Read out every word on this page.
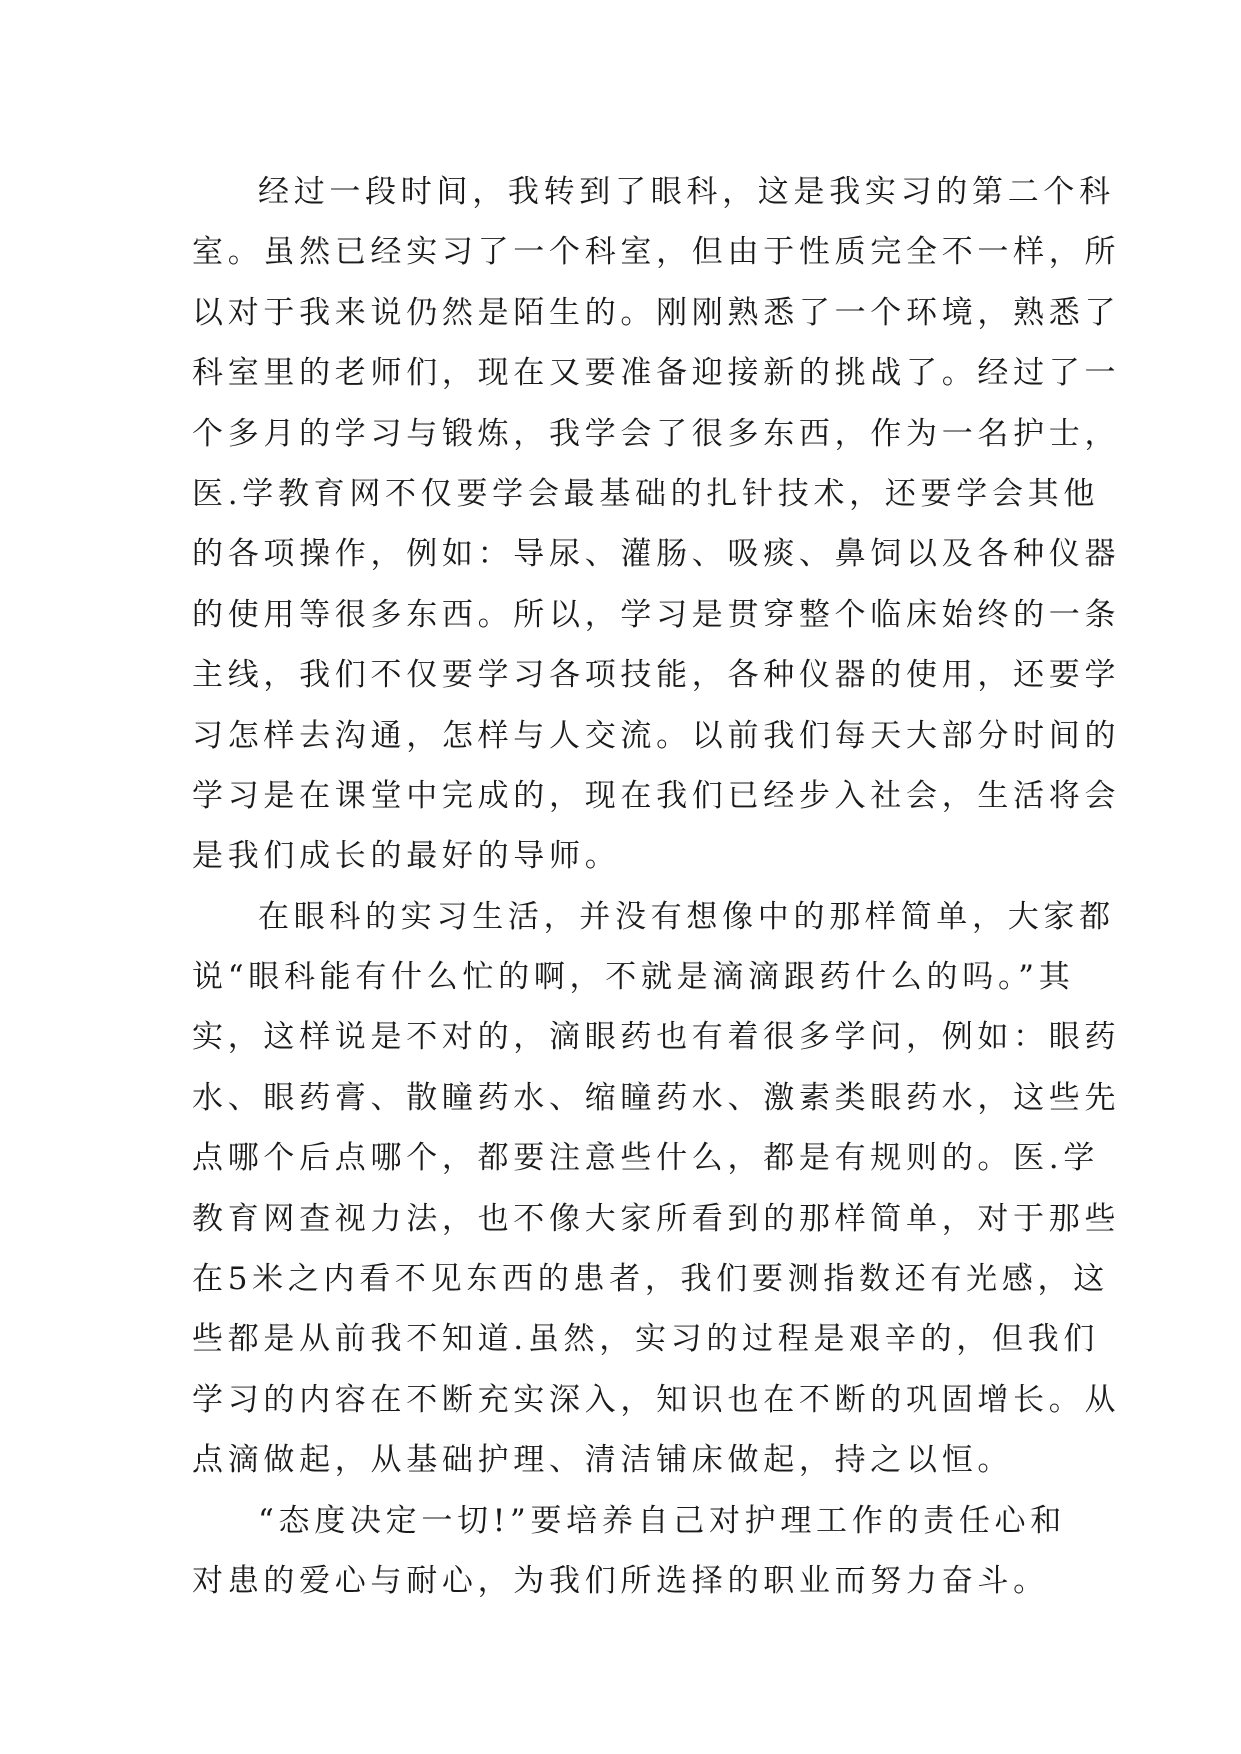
经过一段时间，我转到了眼科，这是我实习的第二个科
室。虽然已经实习了一个科室，但由于性质完全不一样，所
以对于我来说仍然是陌生的。刚刚熟悉了一个环境，熟悉了
科室里的老师们，现在又要准备迎接新的挑战了。经过了一
个多月的学习与锻炼，我学会了很多东西，作为一名护士，
医.学教育网不仅要学会最基础的扎针技术，还要学会其他
的各项操作，例如：导尿、灌肠、吸痰、鼻饲以及各种仪器
的使用等很多东西。所以，学习是贯穿整个临床始终的一条
主线，我们不仅要学习各项技能，各种仪器的使用，还要学
习怎样去沟通，怎样与人交流。以前我们每天大部分时间的
学习是在课堂中完成的，现在我们已经步入社会，生活将会
是我们成长的最好的导师。
在眼科的实习生活，并没有想像中的那样简单，大家都
说“眼科能有什么忙的啊，不就是滴滴跟药什么的吗。”其
实，这样说是不对的，滴眼药也有着很多学问，例如：眼药
水、眼药膏、散瞳药水、缩瞳药水、激素类眼药水，这些先
点哪个后点哪个，都要注意些什么，都是有规则的。医.学
教育网查视力法，也不像大家所看到的那样简单，对于那些
在5米之内看不见东西的患者，我们要测指数还有光感，这
些都是从前我不知道.虽然，实习的过程是艰辛的，但我们
学习的内容在不断充实深入，知识也在不断的巩固增长。从
点滴做起，从基础护理、清洁铺床做起，持之以恒。
“态度决定一切!”要培养自己对护理工作的责任心和
对患的爱心与耐心，为我们所选择的职业而努力奋斗。
